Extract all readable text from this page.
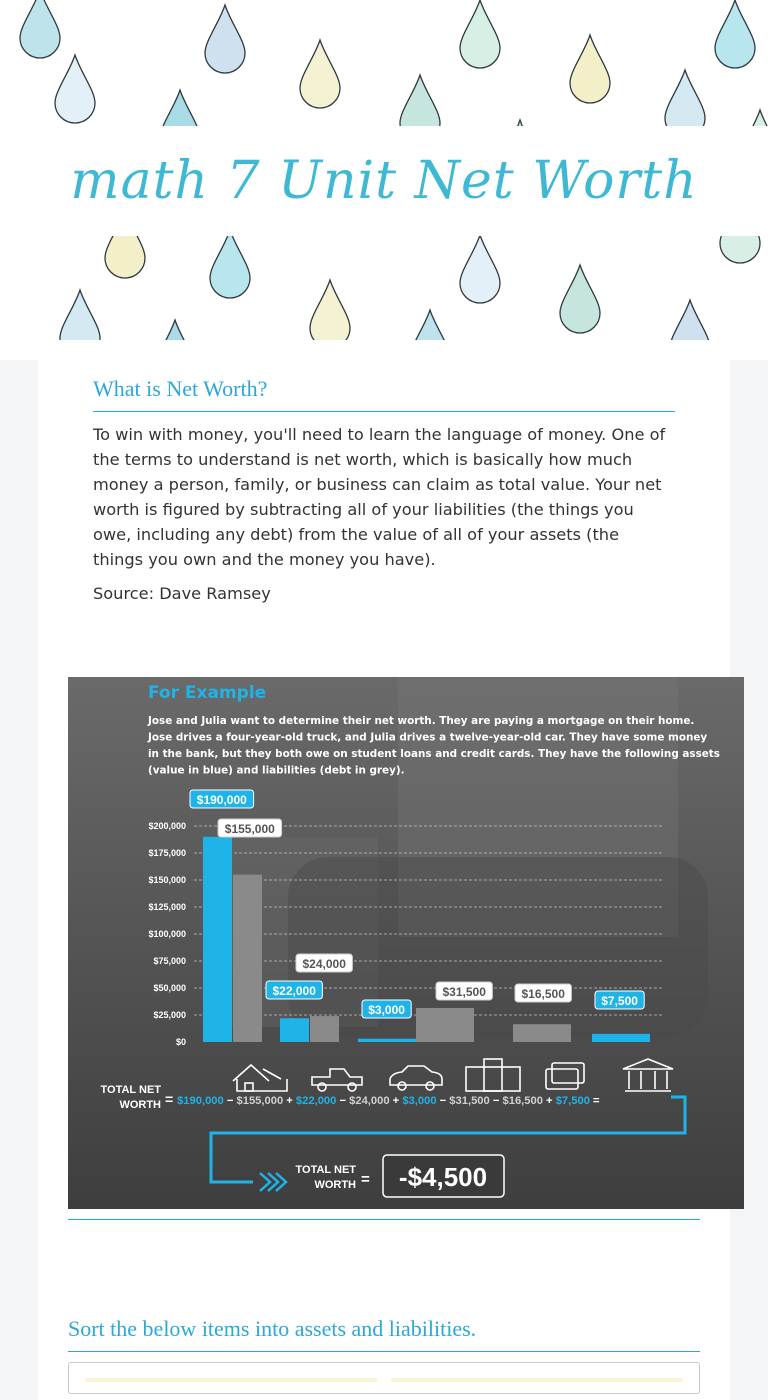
math 7 Unit Net Worth
What is Net Worth?

To win with money, you'll need to learn the language of money. One of the terms to understand is net worth, which is basically how much money a person, family, or business can claim as total value. Your net worth is figured by subtracting all of your liabilities (the things you owe, including any debt) from the value of all of your assets (the things you own and the money you have).

Source: Dave Ramsey

$200,000
$175,000
$150,000
$125,000
$100,000
$75,000
$50,000
$25,000
$0
$190,000
$155,000
$22,000
$24,000
$3,000
$31,500	$16,500	$7,500
TOTAL NET
WORTH = $190,000 − $155,000 + $22,000 − $24,000 + $3,000 − $31,500 − $16,500 + $7,500 =
TOTAL NET
WORTH = -$4,500
For Example
Jose and Julia want to determine their net worth. They are paying a mortgage on their home.
Jose drives a four-year-old truck, and Julia drives a twelve-year-old car. They have some money
in the bank, but they both owe on student loans and credit cards. They have the following assets
(value in blue) and liabilities (debt in grey).
Sort the below items into assets and liabilities.
